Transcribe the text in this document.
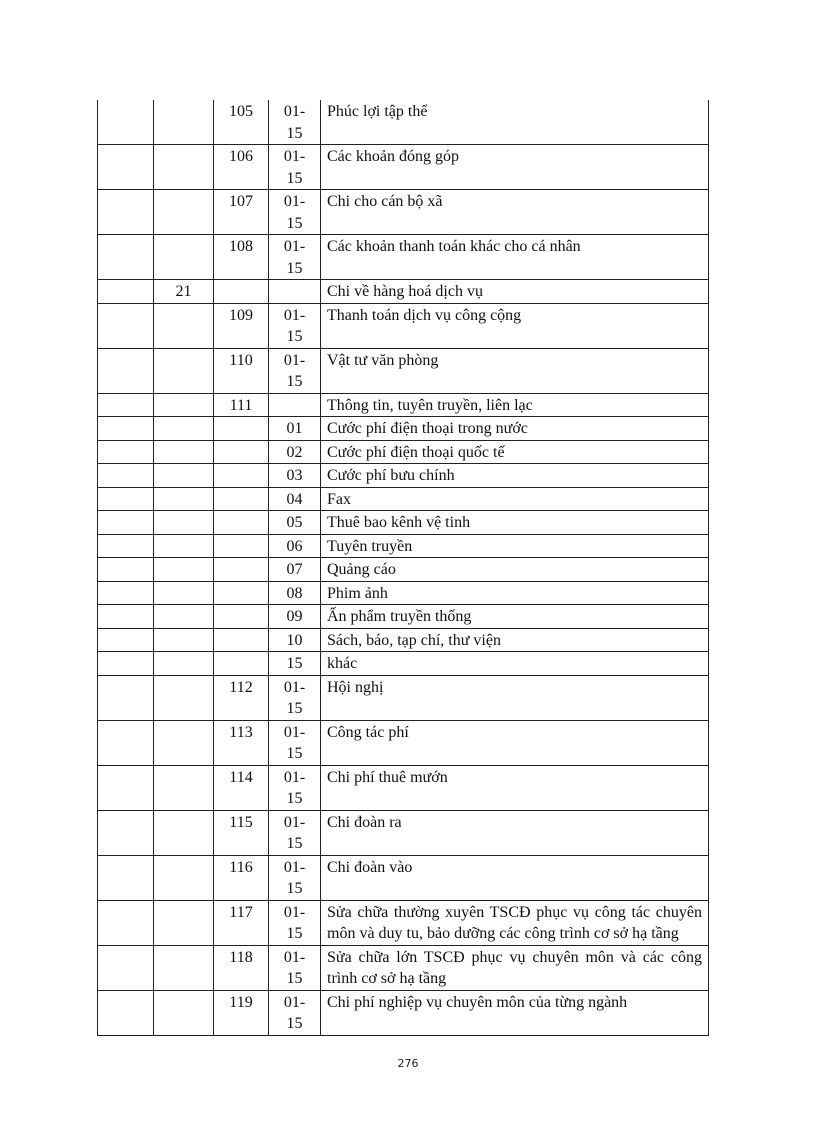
		105	01-
15	Phúc lợi tập thể
		106	01-
15	Các khoản đóng góp
		107	01-
15	Chi cho cán bộ xã
		108	01-
15	Các khoản thanh toán khác cho cá nhân
	21			Chi về hàng hoá dịch vụ
		109	01-
15	Thanh toán dịch vụ công cộng
		110	01-
15	Vật tư văn phòng
		111		Thông tin, tuyên truyền, liên lạc
			01	Cước phí điện thoại trong nước
			02	Cước phí điện thoại quốc tế
			03	Cước phí bưu chính
			04	Fax
			05	Thuê bao kênh vệ tinh
			06	Tuyên truyền
			07	Quảng cáo
			08	Phim ảnh
			09	Ấn phẩm truyền thống
			10	Sách, báo, tạp chí, thư viện
			15	khác
		112	01-
15	Hội nghị
		113	01-
15	Công tác phí
		114	01-
15	Chi phí thuê mướn
		115	01-
15	Chi đoàn ra
		116	01-
15	Chi đoàn vào
		117	01-
15	Sửa chữa thường xuyên TSCĐ phục vụ công tác chuyên môn và duy tu, bảo dưỡng các công trình cơ sở hạ tầng
		118	01-
15	Sửa chữa lớn TSCĐ phục vụ chuyên môn và các công trình cơ sở hạ tầng
		119	01-
15	Chi phí nghiệp vụ chuyên môn của từng ngành
276
